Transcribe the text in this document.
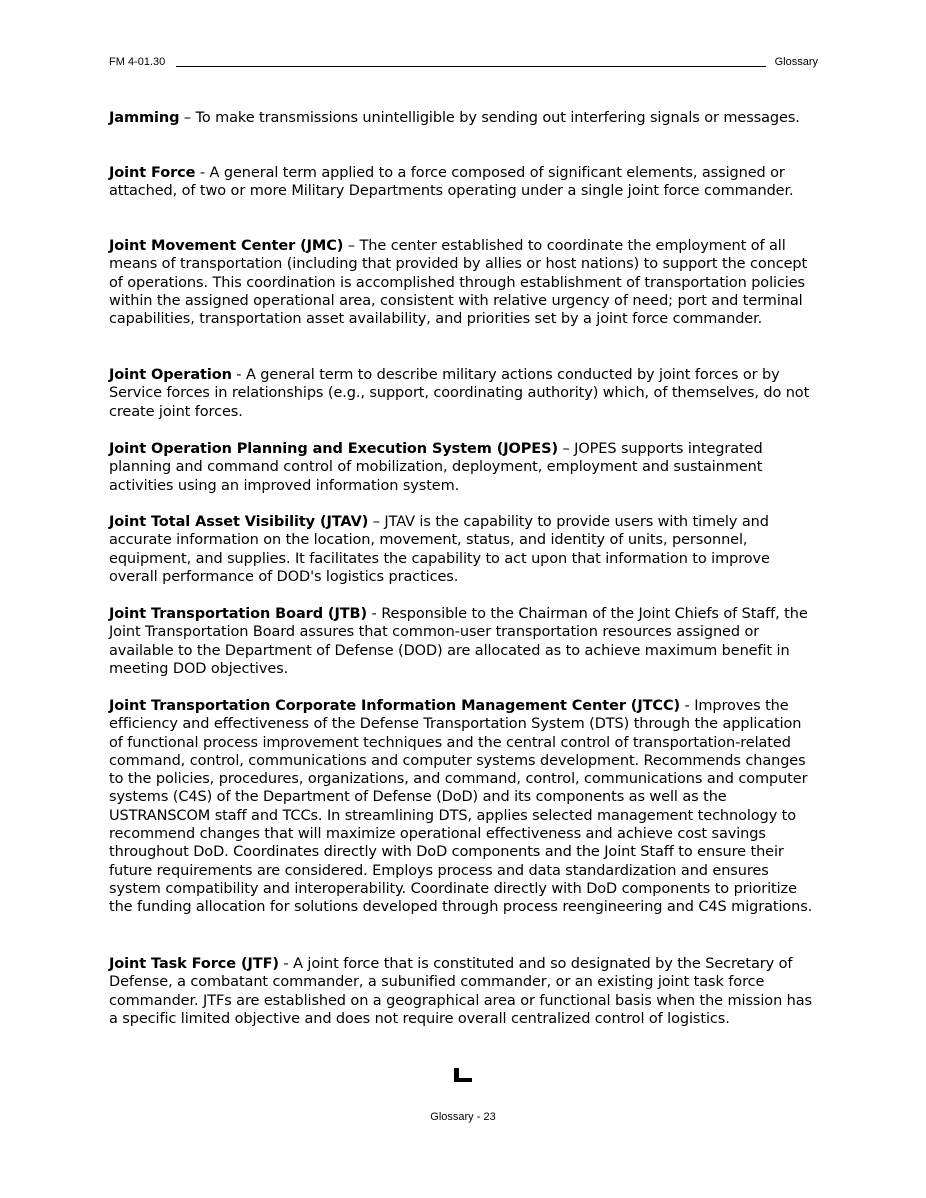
FM 4-01.30	Glossary
Jamming – To make transmissions unintelligible by sending out interfering signals or messages.
Joint Force - A general term applied to a force composed of significant elements, assigned or attached, of two or more Military Departments operating under a single joint force commander.
Joint Movement Center (JMC) – The center established to coordinate the employment of all means of transportation (including that provided by allies or host nations) to support the concept of operations. This coordination is accomplished through establishment of transportation policies within the assigned operational area, consistent with relative urgency of need; port and terminal capabilities, transportation asset availability, and priorities set by a joint force commander.
Joint Operation - A general term to describe military actions conducted by joint forces or by Service forces in relationships (e.g., support, coordinating authority) which, of themselves, do not create joint forces.
Joint Operation Planning and Execution System (JOPES) – JOPES supports integrated planning and command control of mobilization, deployment, employment and sustainment activities using an improved information system.
Joint Total Asset Visibility (JTAV) – JTAV is the capability to provide users with timely and accurate information on the location, movement, status, and identity of units, personnel, equipment, and supplies. It facilitates the capability to act upon that information to improve overall performance of DOD's logistics practices.
Joint Transportation Board (JTB) - Responsible to the Chairman of the Joint Chiefs of Staff, the Joint Transportation Board assures that common-user transportation resources assigned or available to the Department of Defense (DOD) are allocated as to achieve maximum benefit in meeting DOD objectives.
Joint Transportation Corporate Information Management Center (JTCC) - Improves the efficiency and effectiveness of the Defense Transportation System (DTS) through the application of functional process improvement techniques and the central control of transportation-related command, control, communications and computer systems development. Recommends changes to the policies, procedures, organizations, and command, control, communications and computer systems (C4S) of the Department of Defense (DoD) and its components as well as the USTRANSCOM staff and TCCs. In streamlining DTS, applies selected management technology to recommend changes that will maximize operational effectiveness and achieve cost savings throughout DoD. Coordinates directly with DoD components and the Joint Staff to ensure their future requirements are considered. Employs process and data standardization and ensures system compatibility and interoperability. Coordinate directly with DoD components to prioritize the funding allocation for solutions developed through process reengineering and C4S migrations.
Joint Task Force (JTF) - A joint force that is constituted and so designated by the Secretary of Defense, a combatant commander, a subunified commander, or an existing joint task force commander. JTFs are established on a geographical area or functional basis when the mission has a specific limited objective and does not require overall centralized control of logistics.
Glossary - 23
